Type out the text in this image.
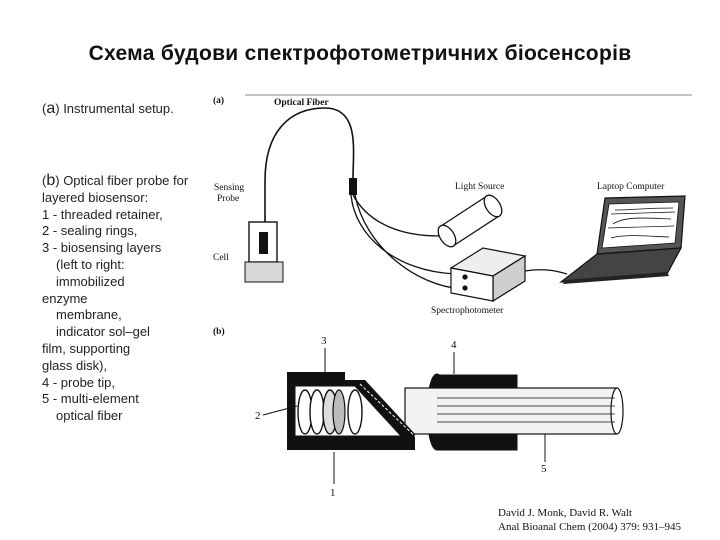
Схема будови спектрофотометричних біосенсорів
(a) Instrumental setup.
(b) Optical fiber probe for layered biosensor:
1 - threaded retainer,
2 - sealing rings,
3 - biosensing layers
(left to right:
immobilized
enzyme
membrane,
indicator sol–gel
film, supporting
glass disk),
4 - probe tip,
5 - multi-element
optical fiber
(a)	Optical Fiber
Sensing
Probe
Cell
Light Source
Spectrophotometer
Laptop Computer
(b)
3	4
2
5
1
David J. Monk, David R. Walt
Anal Bioanal Chem (2004) 379: 931–945
